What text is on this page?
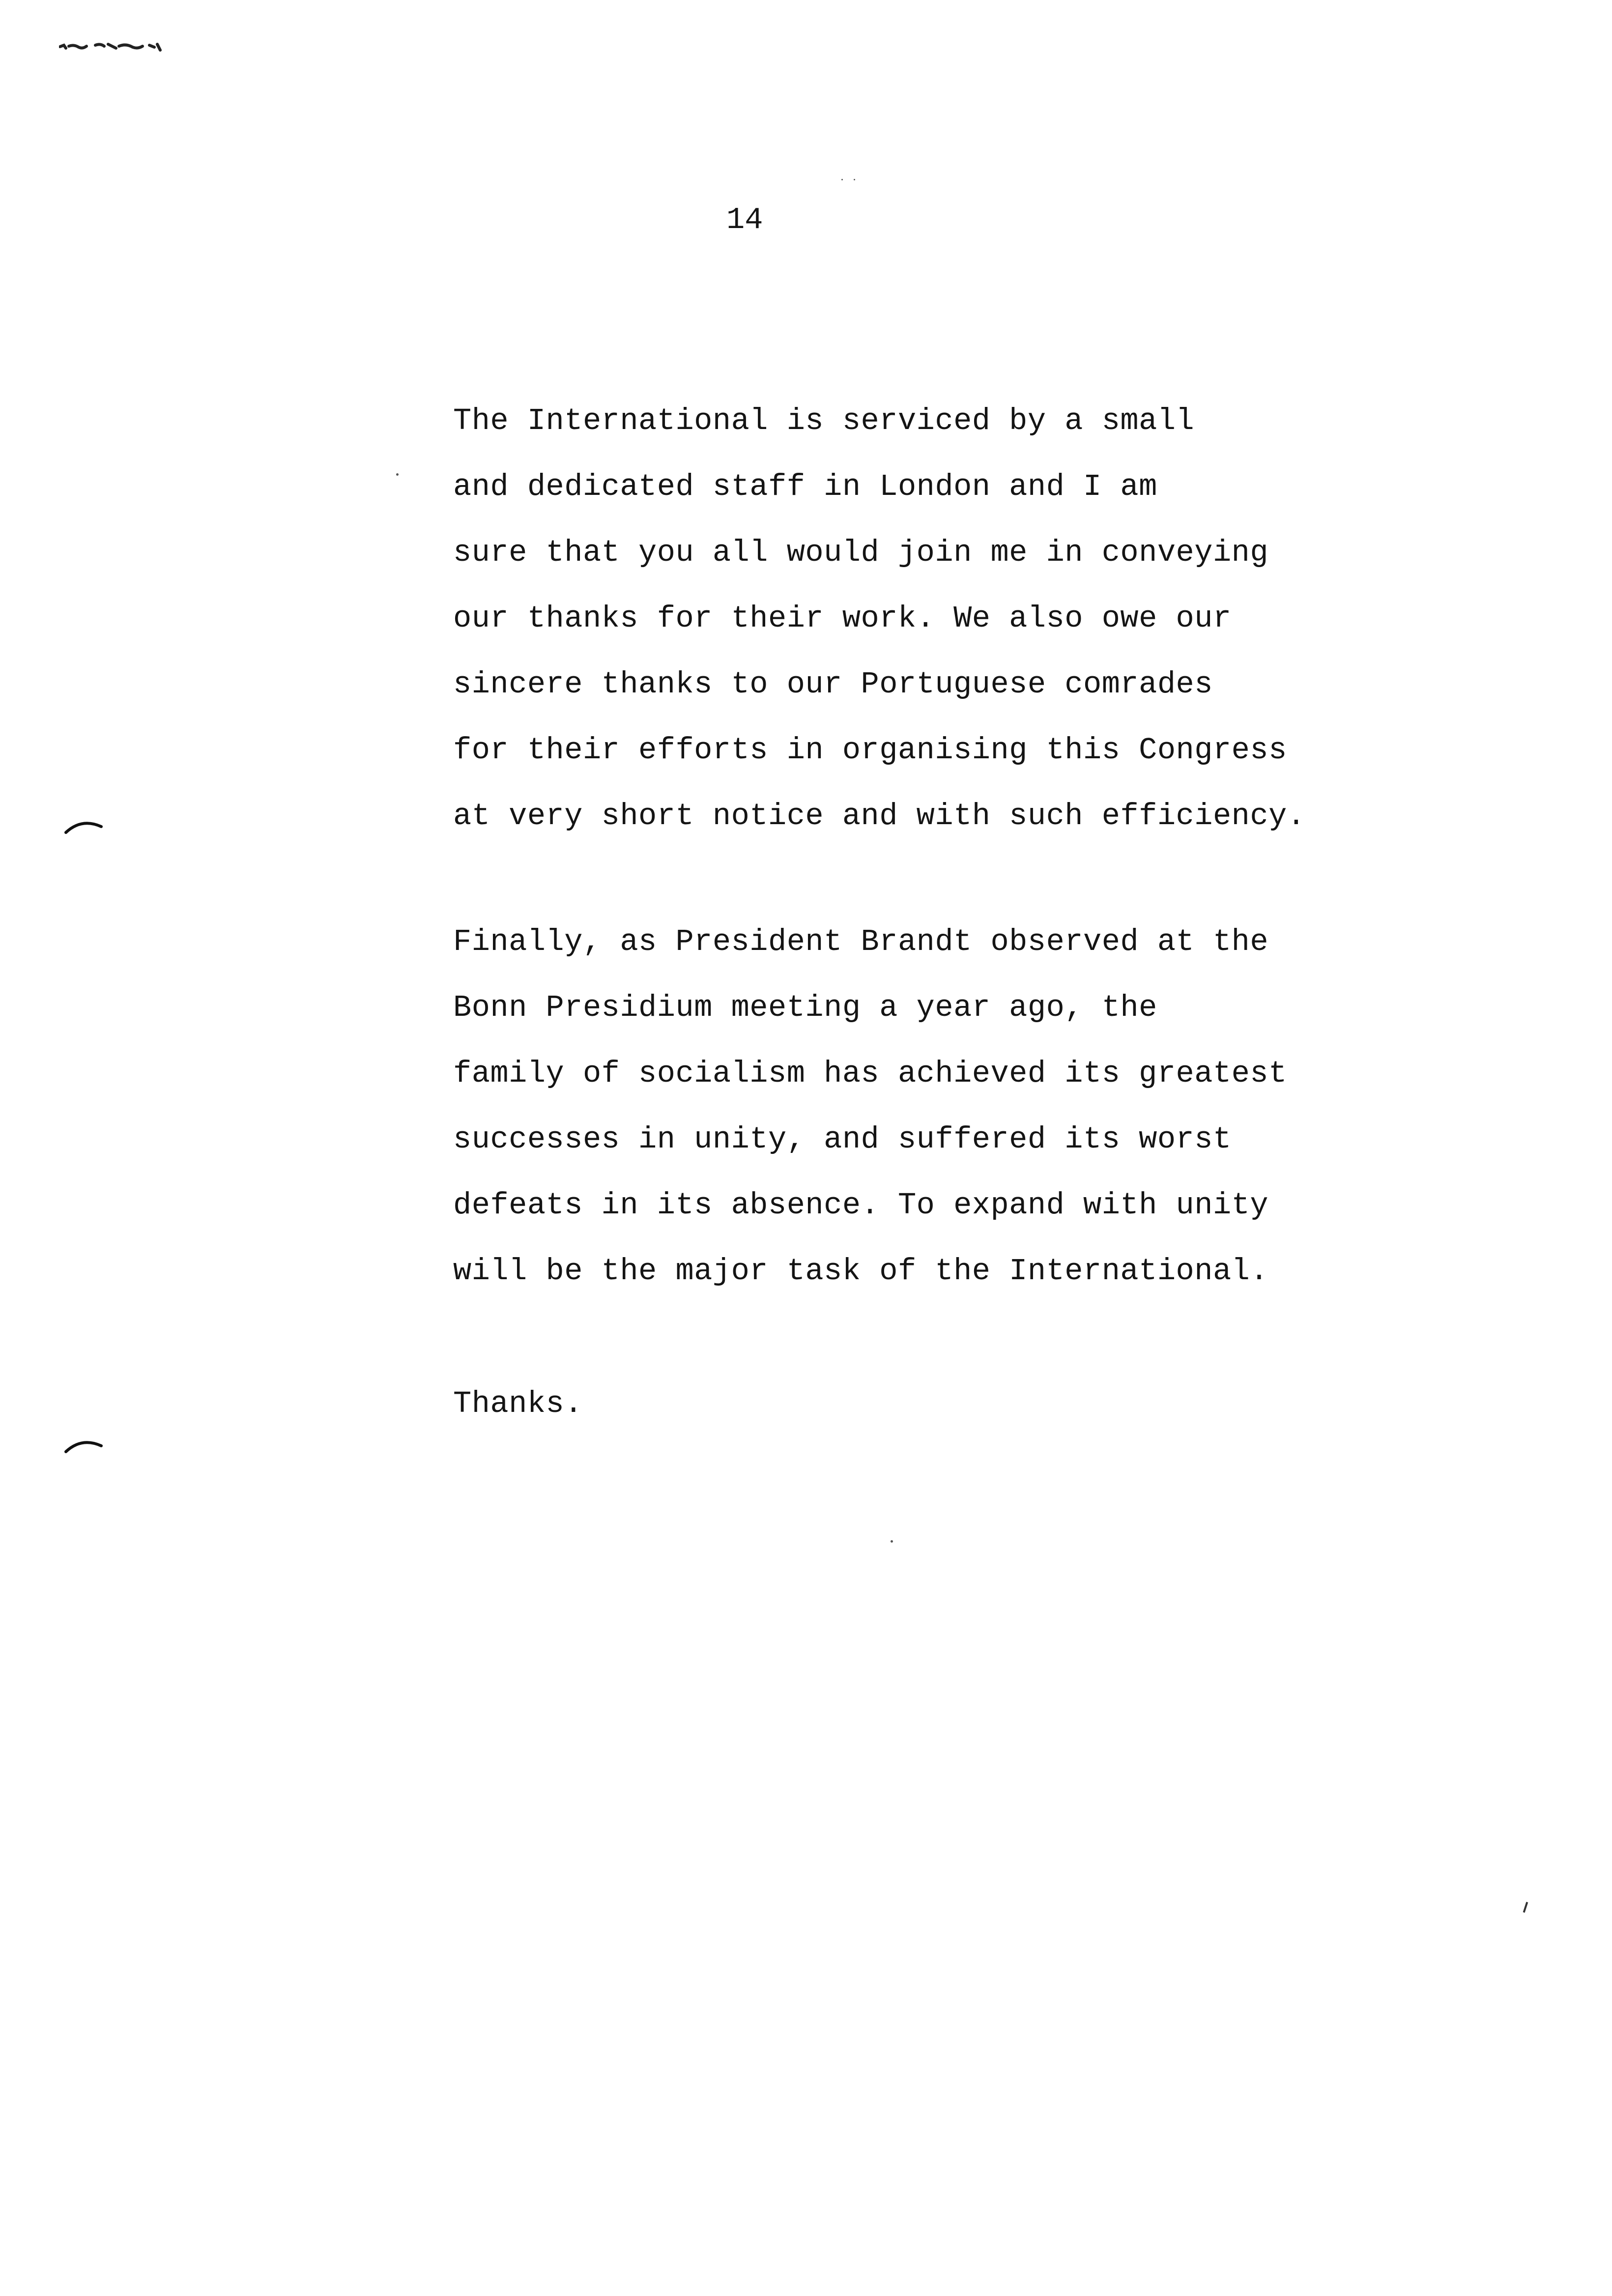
14
The International is serviced by a small
and dedicated staff in London and I am
sure that you all would join me in conveying
our thanks for their work. We also owe our
sincere thanks to our Portuguese comrades
for their efforts in organising this Congress
at very short notice and with such efficiency.
Finally, as President Brandt observed at the
Bonn Presidium meeting a year ago, the
family of socialism has achieved its greatest
successes in unity, and suffered its worst
defeats in its absence. To expand with unity
will be the major task of the International.
Thanks.
